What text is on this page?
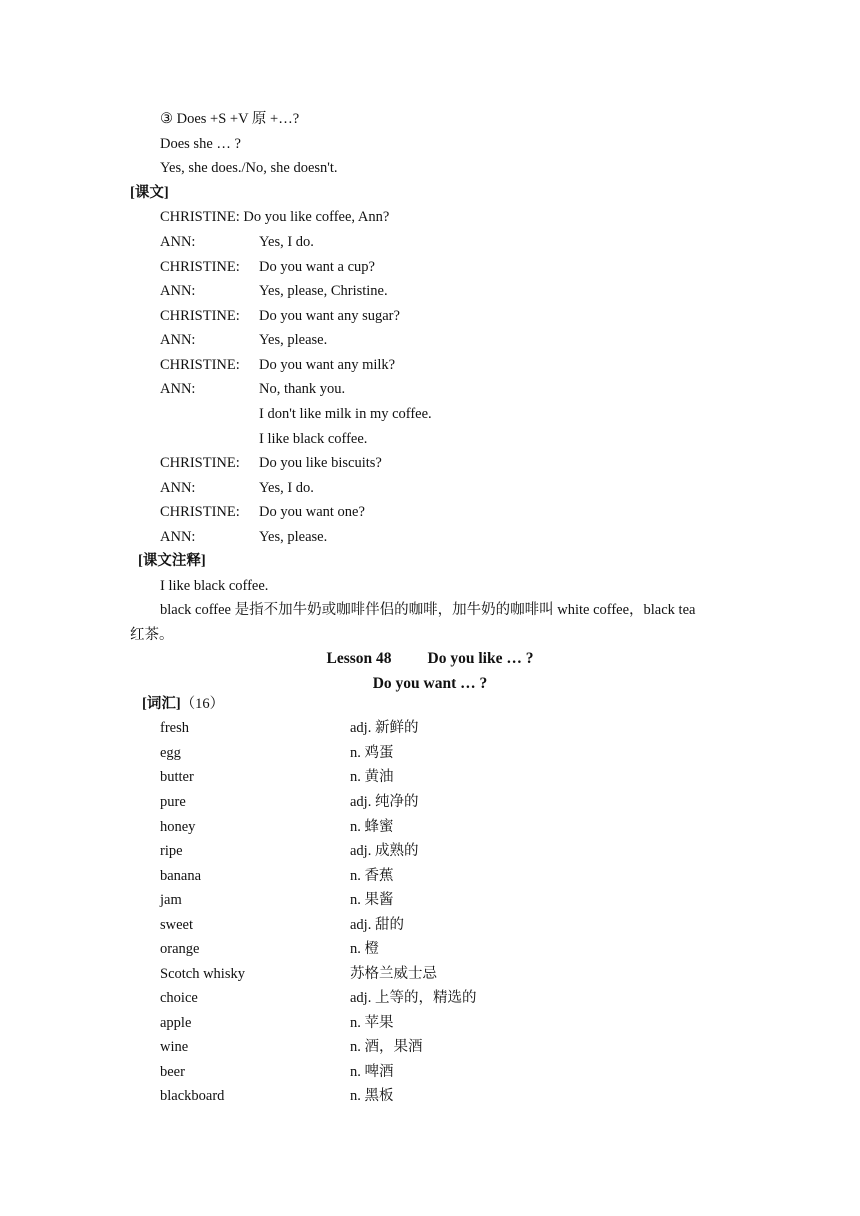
③ Does +S +V 原 +…?
Does she … ?
Yes, she does./No, she doesn't.
[课文]
CHRISTINE: Do you like coffee, Ann?
ANN:	Yes, I do.
CHRISTINE: Do you want a cup?
ANN:	Yes, please, Christine.
CHRISTINE: Do you want any sugar?
ANN:	Yes, please.
CHRISTINE: Do you want any milk?
ANN:	No, thank you.
I don't like milk in my coffee.
I like black coffee.
CHRISTINE: Do you like biscuits?
ANN:	Yes, I do.
CHRISTINE: Do you want one?
ANN:	Yes, please.
[课文注释]
I like black coffee.
black coffee 是指不加牛奶或咖啡伴侣的咖啡，加牛奶的咖啡叫 white coffee，black tea
红茶。
Lesson 48 Do you like … ?
Do you want … ?
[词汇]（16）
fresh	adj. 新鲜的
egg	n. 鸡蛋
butter	n. 黄油
pure	adj. 纯净的
honey	n. 蜂蜜
ripe	adj. 成熟的
banana	n. 香蕉
jam	n. 果酱
sweet	adj. 甜的
orange	n. 橙
Scotch whisky	苏格兰威士忌
choice	adj. 上等的，精选的
apple	n. 苹果
wine	n. 酒，果酒
beer	n. 啤酒
blackboard	n. 黑板
